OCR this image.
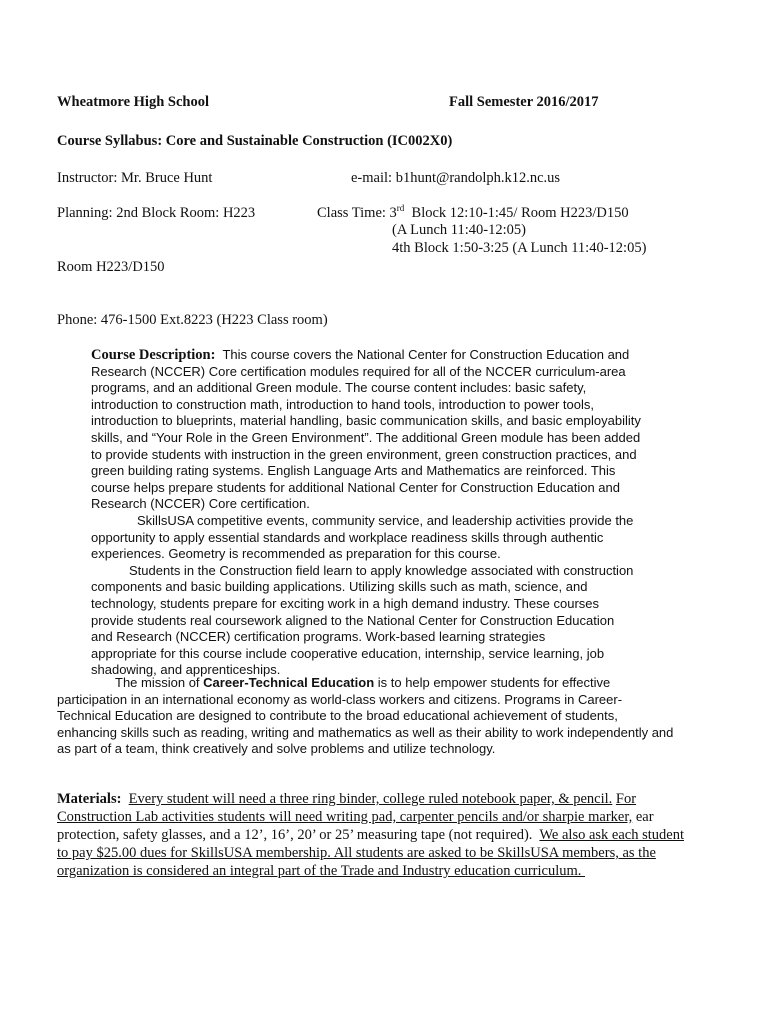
Wheatmore High School	Fall Semester 2016/2017
Course Syllabus: Core and Sustainable Construction (IC002X0)
Instructor: Mr. Bruce Hunt	e-mail: b1hunt@randolph.k12.nc.us
Planning: 2nd Block Room: H223	Class Time: 3rd  Block 12:10-1:45/ Room H223/D150
(A Lunch 11:40-12:05)
4th Block 1:50-3:25 (A Lunch 11:40-12:05)
Room H223/D150
Phone: 476-1500 Ext.8223 (H223 Class room)
Course Description:  This course covers the National Center for Construction Education and
Research (NCCER) Core certification modules required for all of the NCCER curriculum-area
programs, and an additional Green module. The course content includes: basic safety,
introduction to construction math, introduction to hand tools, introduction to power tools,
introduction to blueprints, material handling, basic communication skills, and basic employability
skills, and “Your Role in the Green Environment”. The additional Green module has been added
to provide students with instruction in the green environment, green construction practices, and
green building rating systems. English Language Arts and Mathematics are reinforced. This
course helps prepare students for additional National Center for Construction Education and
Research (NCCER) Core certification.
SkillsUSA competitive events, community service, and leadership activities provide the
opportunity to apply essential standards and workplace readiness skills through authentic
experiences. Geometry is recommended as preparation for this course.
Students in the Construction field learn to apply knowledge associated with construction
components and basic building applications. Utilizing skills such as math, science, and
technology, students prepare for exciting work in a high demand industry. These courses
provide students real coursework aligned to the National Center for Construction Education
and Research (NCCER) certification programs. Work-based learning strategies
appropriate for this course include cooperative education, internship, service learning, job
shadowing, and apprenticeships.
The mission of Career-Technical Education is to help empower students for effective
participation in an international economy as world-class workers and citizens. Programs in Career-
Technical Education are designed to contribute to the broad educational achievement of students,
enhancing skills such as reading, writing and mathematics as well as their ability to work independently and
as part of a team, think creatively and solve problems and utilize technology.
Materials: Every student will need a three ring binder, college ruled notebook paper, & pencil. For
Construction Lab activities students will need writing pad, carpenter pencils and/or sharpie marker, ear
protection, safety glasses, and a 12’, 16’, 20’ or 25’ measuring tape (not required).  We also ask each student
to pay $25.00 dues for SkillsUSA membership. All students are asked to be SkillsUSA members, as the
organization is considered an integral part of the Trade and Industry education curriculum.
